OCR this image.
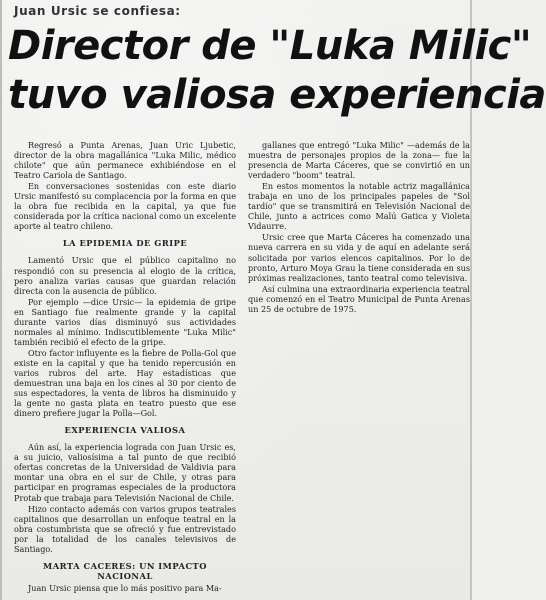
Juan Ursic se confiesa:
Director de "Luka Milic"
tuvo valiosa experiencia

Regresó a Punta Arenas, Juan Uric Ljubetic, director de la obra magallánica "Luka Milic, médico chilote" que aún permanece exhibiéndose en el Teatro Cariola de Santiago.

En conversaciones sostenidas con este diario Ursic manifestó su complacencia por la forma en que la obra fue recibida en la capital, ya que fue considerada por la crítica nacional como un excelente aporte al teatro chileno.

LA EPIDEMIA DE GRIPE

Lamentó Ursic que el público capitalino no respondió con su presencia al elogio de la crítica, pero analiza varias causas que guardan relación directa con la ausencia de público.

Por ejemplo —dice Ursic— la epidemia de gripe en Santiago fue realmente grande y la capital durante varios días disminuyó sus actividades normales al mínimo. Indiscutiblemente "Luka Milic" también recibió el efecto de la gripe.

Otro factor influyente es la fiebre de Polla-Gol que existe en la capital y que ha tenido repercusión en varios rubros del arte. Hay estadísticas que demuestran una baja en los cines al 30 por ciento de sus espectadores, la venta de libros ha disminuido y la gente no gasta plata en teatro puesto que ese dinero prefiere jugar la Polla—Gol.

EXPERIENCIA VALIOSA

Aún así, la experiencia lograda con Juan Ursic es, a su juicio, valiosísima a tal punto de que recibió ofertas concretas de la Universidad de Valdivia para montar una obra en el sur de Chile, y otras para participar en programas especiales de la productora Protab que trabaja para Televisión Nacional de Chile.

Hizo contacto además con varios grupos teatrales capitalinos que desarrollan un enfoque teatral en la obra costumbrista que se ofreció y fue entrevistado por la totalidad de los canales televisivos de Santiago.

MARTA CACERES: UN IMPACTO NACIONAL

Juan Ursic piensa que lo más positivo para Ma-

gallanes que entregó "Luka Milic" —además de la muestra de personajes propios de la zona— fue la presencia de Marta Cáceres, que se convirtió en un verdadero "boom" teatral.

En estos momentos la notable actriz magallánica trabaja en uno de los principales papeles de "Sol tardío" que se transmitirá en Televisión Nacional de Chile, junto a actrices como Malú Gatica y Violeta Vidaurre.

Ursic cree que Marta Cáceres ha comenzado una nueva carrera en su vida y de aquí en adelante será solicitada por varios elencos capitalinos. Por lo de pronto, Arturo Moya Grau la tiene considerada en sus próximas realizaciones, tanto teatral como televisiva.

Así culmina una extraordinaria experiencia teatral que comenzó en el Teatro Municipal de Punta Arenas un 25 de octubre de 1975.
